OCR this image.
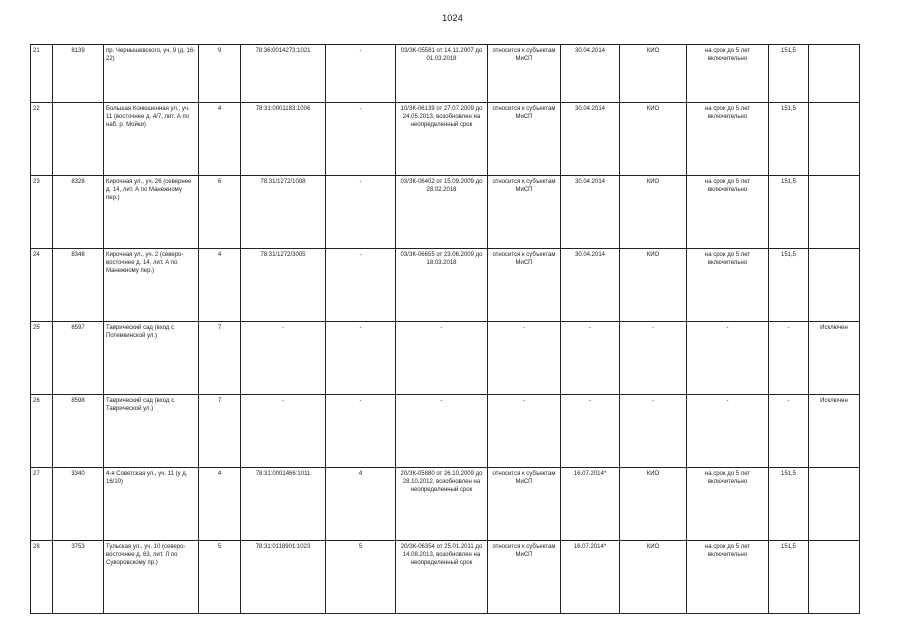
1024
21	8139	пр. Чернышевского, уч. 9 (д. 16-22)	9	78:36:0014273:1021	-	03/ЗК-05581 от 14.11.2007 до 01.03.2018	относится к субъектам МиСП	30.04.2014	КИО	на срок до 5 лет включительно	151,5	
22		Большая Конюшенная ул., уч. 11 (восточнее д. 4/7, лит. А по наб. р. Мойки)	4	78:31:0001183:1006	-	10/ЗК-06139 от 27.07.2009 до 24.05.2013, возобновлен на неопределенный срок	относится к субъектам МиСП	30.04.2014	КИО	на срок до 5 лет включительно	151,5	
23	8328	Кирочная ул., уч. 26 (севернее д. 14, лит. А по Манежному пер.)	6	78:31/1272/1008	-	03/ЗК-06402 от 15.09.2009 до 28.02.2018	относится к субъектам МиСП	30.04.2014	КИО	на срок до 5 лет включительно	151,5	
24	8348	Кирочная ул., уч. 2 (северо-восточнее д. 14, лит. А по Манежному пер.)	4	78:31/1272/3005	-	03/ЗК-06655 от 23.06.2009 до 18.03.2018	относится к субъектам МиСП	30.04.2014	КИО	на срок до 5 лет включительно	151,5	
25	8597	Таврический сад (вход с Потемкинской ул.)	7	-	-	-	-	-	-	-	-	Исключен
26	8598	Таврический сад (вход с Таврической ул.)	7	-	-	-	-	-	-	-	-	Исключен
27	3340	4-я Советская ул., уч. 11 (у д. 16/10)	4	78:31:0001466:1011	4	20/ЗК-05880 от 26.10.2009 до 28.10.2012, возобновлен на неопределенный срок	относится к субъектам МиСП	16.07.2014*	КИО	на срок до 5 лет включительно	151,5	
28	3753	Тульская ул., уч. 10 (северо-восточнее д. 63, лит. Л по Суворовскому пр.)	5	78:31:0118901:1023	5	20/ЗК-06354 от 25.01.2011 до 14.08.2013, возобновлен на неопределенный срок	относится к субъектам МиСП	16.07.2014*	КИО	на срок до 5 лет включительно	151,5	
